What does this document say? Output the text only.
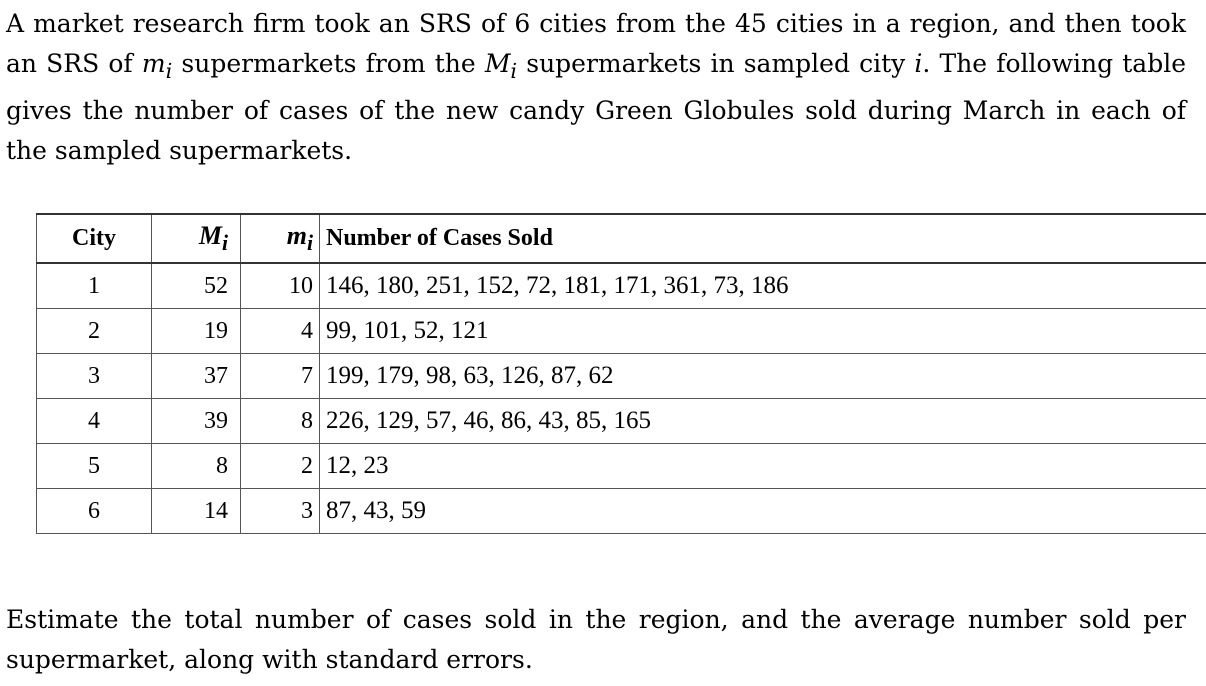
A market research firm took an SRS of 6 cities from the 45 cities in a region, and then took an SRS of $m_i$ supermarkets from the $M_i$ supermarkets in sampled city i. The following table gives the number of cases of the new candy Green Globules sold during March in each of the sampled supermarkets.

City	$M_i$	$m_i$	Number of Cases Sold
1	52	10	146, 180, 251, 152, 72, 181, 171, 361, 73, 186
2	19	4	99, 101, 52, 121
3	37	7	199, 179, 98, 63, 126, 87, 62
4	39	8	226, 129, 57, 46, 86, 43, 85, 165
5	8	2	12, 23
6	14	3	87, 43, 59

Estimate the total number of cases sold in the region, and the average number sold per supermarket, along with standard errors.
